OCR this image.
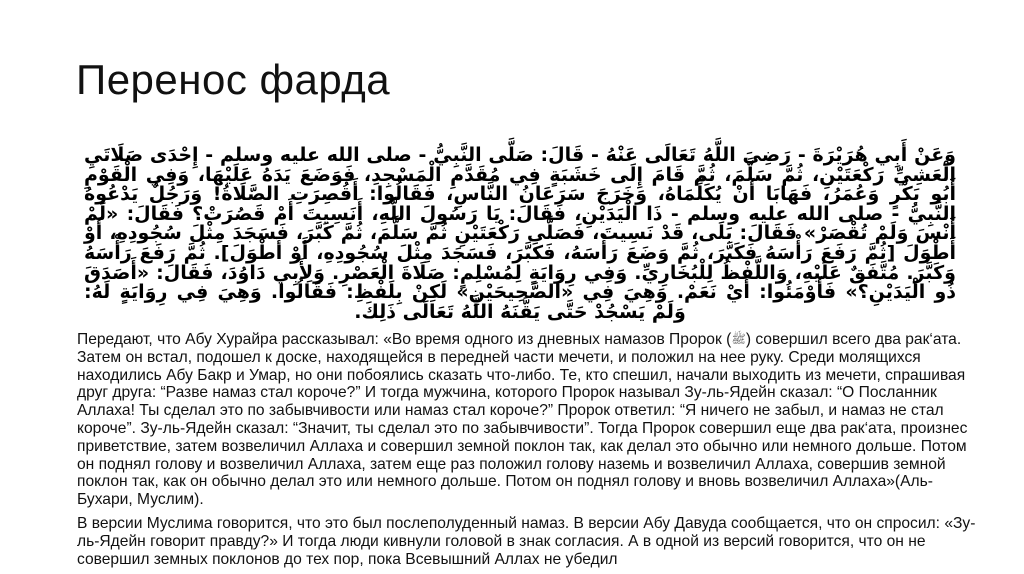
Перенос фарда

وَعَنْ أَبِي هُرَيْرَةَ - رَضِيَ اللَّهُ تَعَالَى عَنْهُ - قَالَ: صَلَّى النَّبِيُّ - صلى الله عليه وسلم - إِحْدَى صَلَاتَيِ الْعَشِيِّ رَكْعَتَيْنِ، ثُمَّ سَلَّمَ، ثُمَّ قَامَ إِلَى خَشَبَةٍ فِي مُقَدَّمِ الْمَسْجِدِ، فَوَضَعَ يَدَهُ عَلَيْهَا، وَفِي الْقَوْمِ أَبُو بَكْرٍ وَعُمَرُ، فَهَابَا أَنْ يُكَلِّمَاهُ، وَخَرَجَ سَرَعَانُ النَّاسِ، فَقَالُوا: أَقُصِرَتِ الصَّلَاةُ! وَرَجُلٌ يَدْعُوهُ النَّبِيُّ - صلى الله عليه وسلم - ذَا الْيَدَيْنِ، فَقَالَ: يَا رَسُولَ اللَّهِ، أَنَسِيتَ أَمْ قَصُرَتْ؟ فَقَالَ: «لَمْ أَنْسَ وَلَمْ تُقْصَرْ» فَقَالَ: بَلَى، قَدْ نَسِيتَ، فَصَلَّى رَكْعَتَيْنِ ثُمَّ سَلَّمَ، ثُمَّ كَبَّرَ، فَسَجَدَ مِثْلَ سُجُودِهِ، أَوْ أَطْوَلَ [ثُمَّ رَفَعَ رَأْسَهُ فَكَبَّرَ، ثُمَّ وَضَعَ رَأْسَهُ، فَكَبَّرَ، فَسَجَدَ مِثْلَ سُجُودِهِ، أَوْ أَطْوَلَ]. ثُمَّ رَفَعَ رَأْسَهُ وَكَبَّرَ. مُتَّفَقٌ عَلَيْهِ، وَاللَّفْظُ لِلْبُخَارِيِّ. وَفِي رِوَايَةٍ لِمُسْلِمٍ: صَلَاةَ الْعَصْرِ. وَلِأَبِي دَاوُدَ، فَقَالَ: «أَصَدَقَ ذُو الْيَدَيْنِ؟» فَأَوْمَئُوا: أَيْ نَعَمْ. وَهِيَ فِي «الصَّحِيحَيْنِ» لَكِنْ بِلَفْظِ: فَقَالُوا. وَهِيَ فِي رِوَايَةٍ لَهُ: وَلَمْ يَسْجُدْ حَتَّى يَقَّنَهُ اللَّهُ تَعَالَى ذَلِكَ.

Передают, что Абу Хурайра рассказывал: «Во время одного из дневных намазов Пророк (ﷺ) совершил всего два рак‘ата. Затем он встал, подошел к доске, находящейся в передней части мечети, и положил на нее руку. Среди молящихся находились Абу Бакр и Умар, но они побоялись сказать что-либо. Те, кто спешил, начали выходить из мечети, спрашивая друг друга: “Разве намаз стал короче?” И тогда мужчина, которого Пророк называл Зу-ль-Ядейн сказал: “О Посланник Аллаха! Ты сделал это по забывчивости или намаз стал короче?” Пророк ответил: “Я ничего не забыл, и намаз не стал короче”. Зу-ль-Ядейн сказал: “Значит, ты сделал это по забывчивости”. Тогда Пророк совершил еще два рак‘ата, произнес приветствие, затем возвеличил Аллаха и совершил земной поклон так, как делал это обычно или немного дольше. Потом он поднял голову и возвеличил Аллаха, затем еще раз положил голову наземь и возвеличил Аллаха, совершив земной поклон так, как он обычно делал это или немного дольше. Потом он поднял голову и вновь возвеличил Аллаха»(Аль-Бухари, Муслим).

В версии Муслима говорится, что это был послеполуденный намаз. В версии Абу Давуда сообщается, что он спросил: «Зу-ль-Ядейн говорит правду?» И тогда люди кивнули головой в знак согласия. А в одной из версий говорится, что он не совершил земных поклонов до тех пор, пока Всевышний Аллах не убедил
